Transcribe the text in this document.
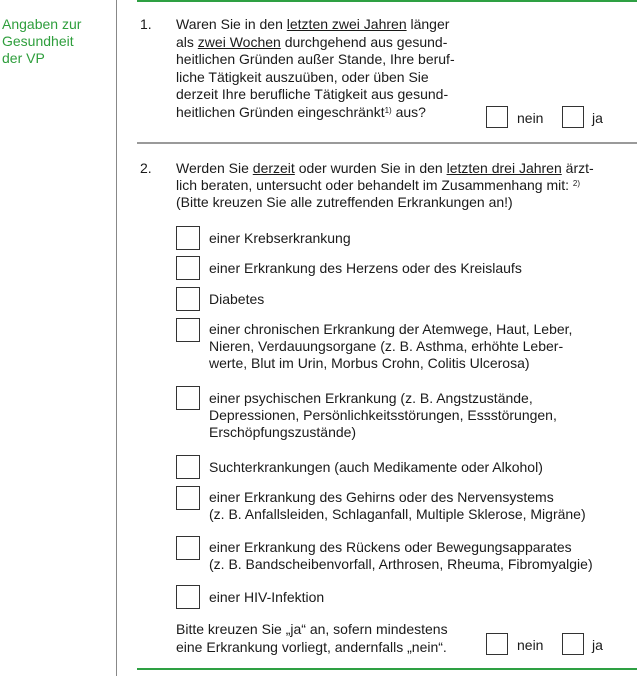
Angaben zur
Gesundheit
der VP
1. Waren Sie in den letzten zwei Jahren länger
als zwei Wochen durchgehend aus gesund-
heitlichen Gründen außer Stande, Ihre beruf-
liche Tätigkeit auszuüben, oder üben Sie
derzeit Ihre berufliche Tätigkeit aus gesund-
heitlichen Gründen eingeschränkt$^{1)}$ aus?	nein	ja
2. Werden Sie derzeit oder wurden Sie in den letzten drei Jahren ärzt-
lich beraten, untersucht oder behandelt im Zusammenhang mit: $^{2)}$
(Bitte kreuzen Sie alle zutreffenden Erkrankungen an!)
einer Krebserkrankung
einer Erkrankung des Herzens oder des Kreislaufs
Diabetes
einer chronischen Erkrankung der Atemwege, Haut, Leber,
Nieren, Verdauungsorgane (z. B. Asthma, erhöhte Leber-
werte, Blut im Urin, Morbus Crohn, Colitis Ulcerosa)
einer psychischen Erkrankung (z. B. Angstzustände,
Depressionen, Persönlichkeitsstörungen, Essstörungen,
Erschöpfungszustände)
Suchterkrankungen (auch Medikamente oder Alkohol)
einer Erkrankung des Gehirns oder des Nervensystems
(z. B. Anfallsleiden, Schlaganfall, Multiple Sklerose, Migräne)
einer Erkrankung des Rückens oder Bewegungsapparates
(z. B. Bandscheibenvorfall, Arthrosen, Rheuma, Fibromyalgie)
einer HIV-Infektion
Bitte kreuzen Sie „ja“ an, sofern mindestens
eine Erkrankung vorliegt, andernfalls „nein“.	nein	ja
